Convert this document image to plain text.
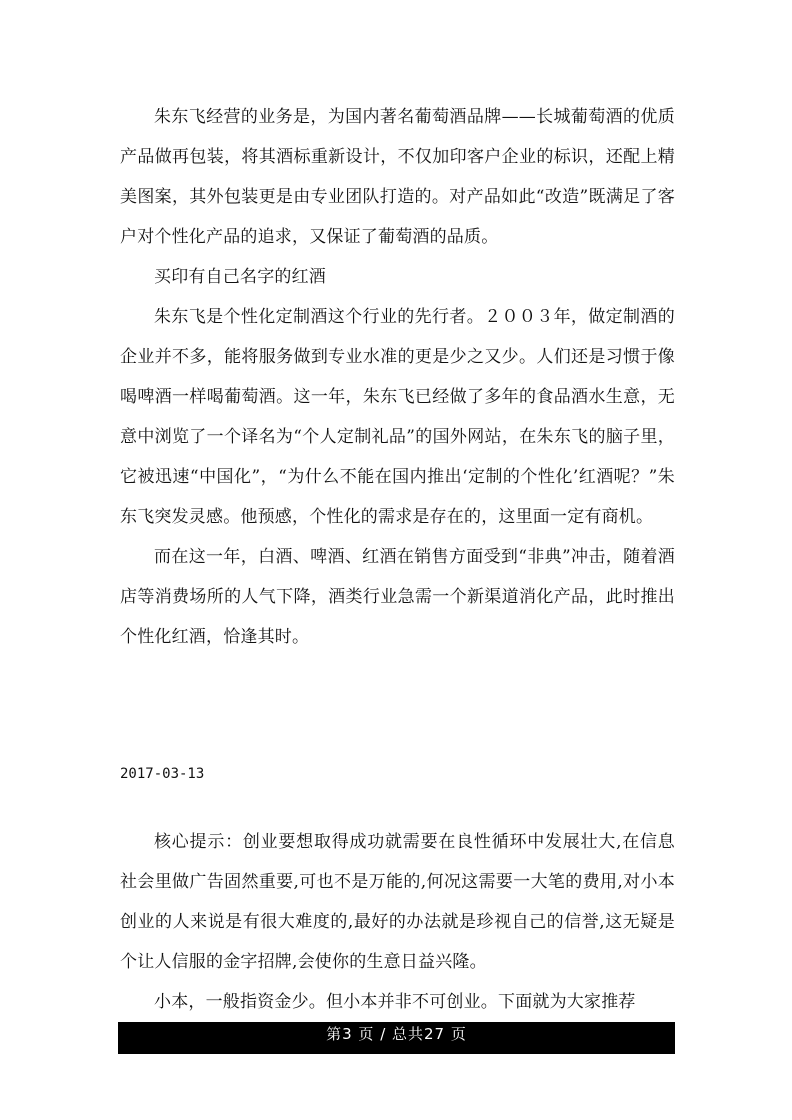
朱东飞经营的业务是，为国内著名葡萄酒品牌——长城葡萄酒的优质产品做再包装，将其酒标重新设计，不仅加印客户企业的标识，还配上精美图案，其外包装更是由专业团队打造的。对产品如此“改造”既满足了客户对个性化产品的追求，又保证了葡萄酒的品质。

买印有自己名字的红酒

朱东飞是个性化定制酒这个行业的先行者。２００３年，做定制酒的企业并不多，能将服务做到专业水准的更是少之又少。人们还是习惯于像喝啤酒一样喝葡萄酒。这一年，朱东飞已经做了多年的食品酒水生意，无意中浏览了一个译名为“个人定制礼品”的国外网站，在朱东飞的脑子里，它被迅速“中国化”，“为什么不能在国内推出‘定制的个性化’红酒呢？”朱东飞突发灵感。他预感，个性化的需求是存在的，这里面一定有商机。

而在这一年，白酒、啤酒、红酒在销售方面受到“非典”冲击，随着酒店等消费场所的人气下降，酒类行业急需一个新渠道消化产品，此时推出个性化红酒，恰逢其时。

2017-03-13

核心提示：创业要想取得成功就需要在良性循环中发展壮大,在信息社会里做广告固然重要,可也不是万能的,何况这需要一大笔的费用,对小本创业的人来说是有很大难度的,最好的办法就是珍视自己的信誉,这无疑是个让人信服的金字招牌,会使你的生意日益兴隆。

小本，一般指资金少。但小本并非不可创业。下面就为大家推荐

第3 页 / 总共27 页
